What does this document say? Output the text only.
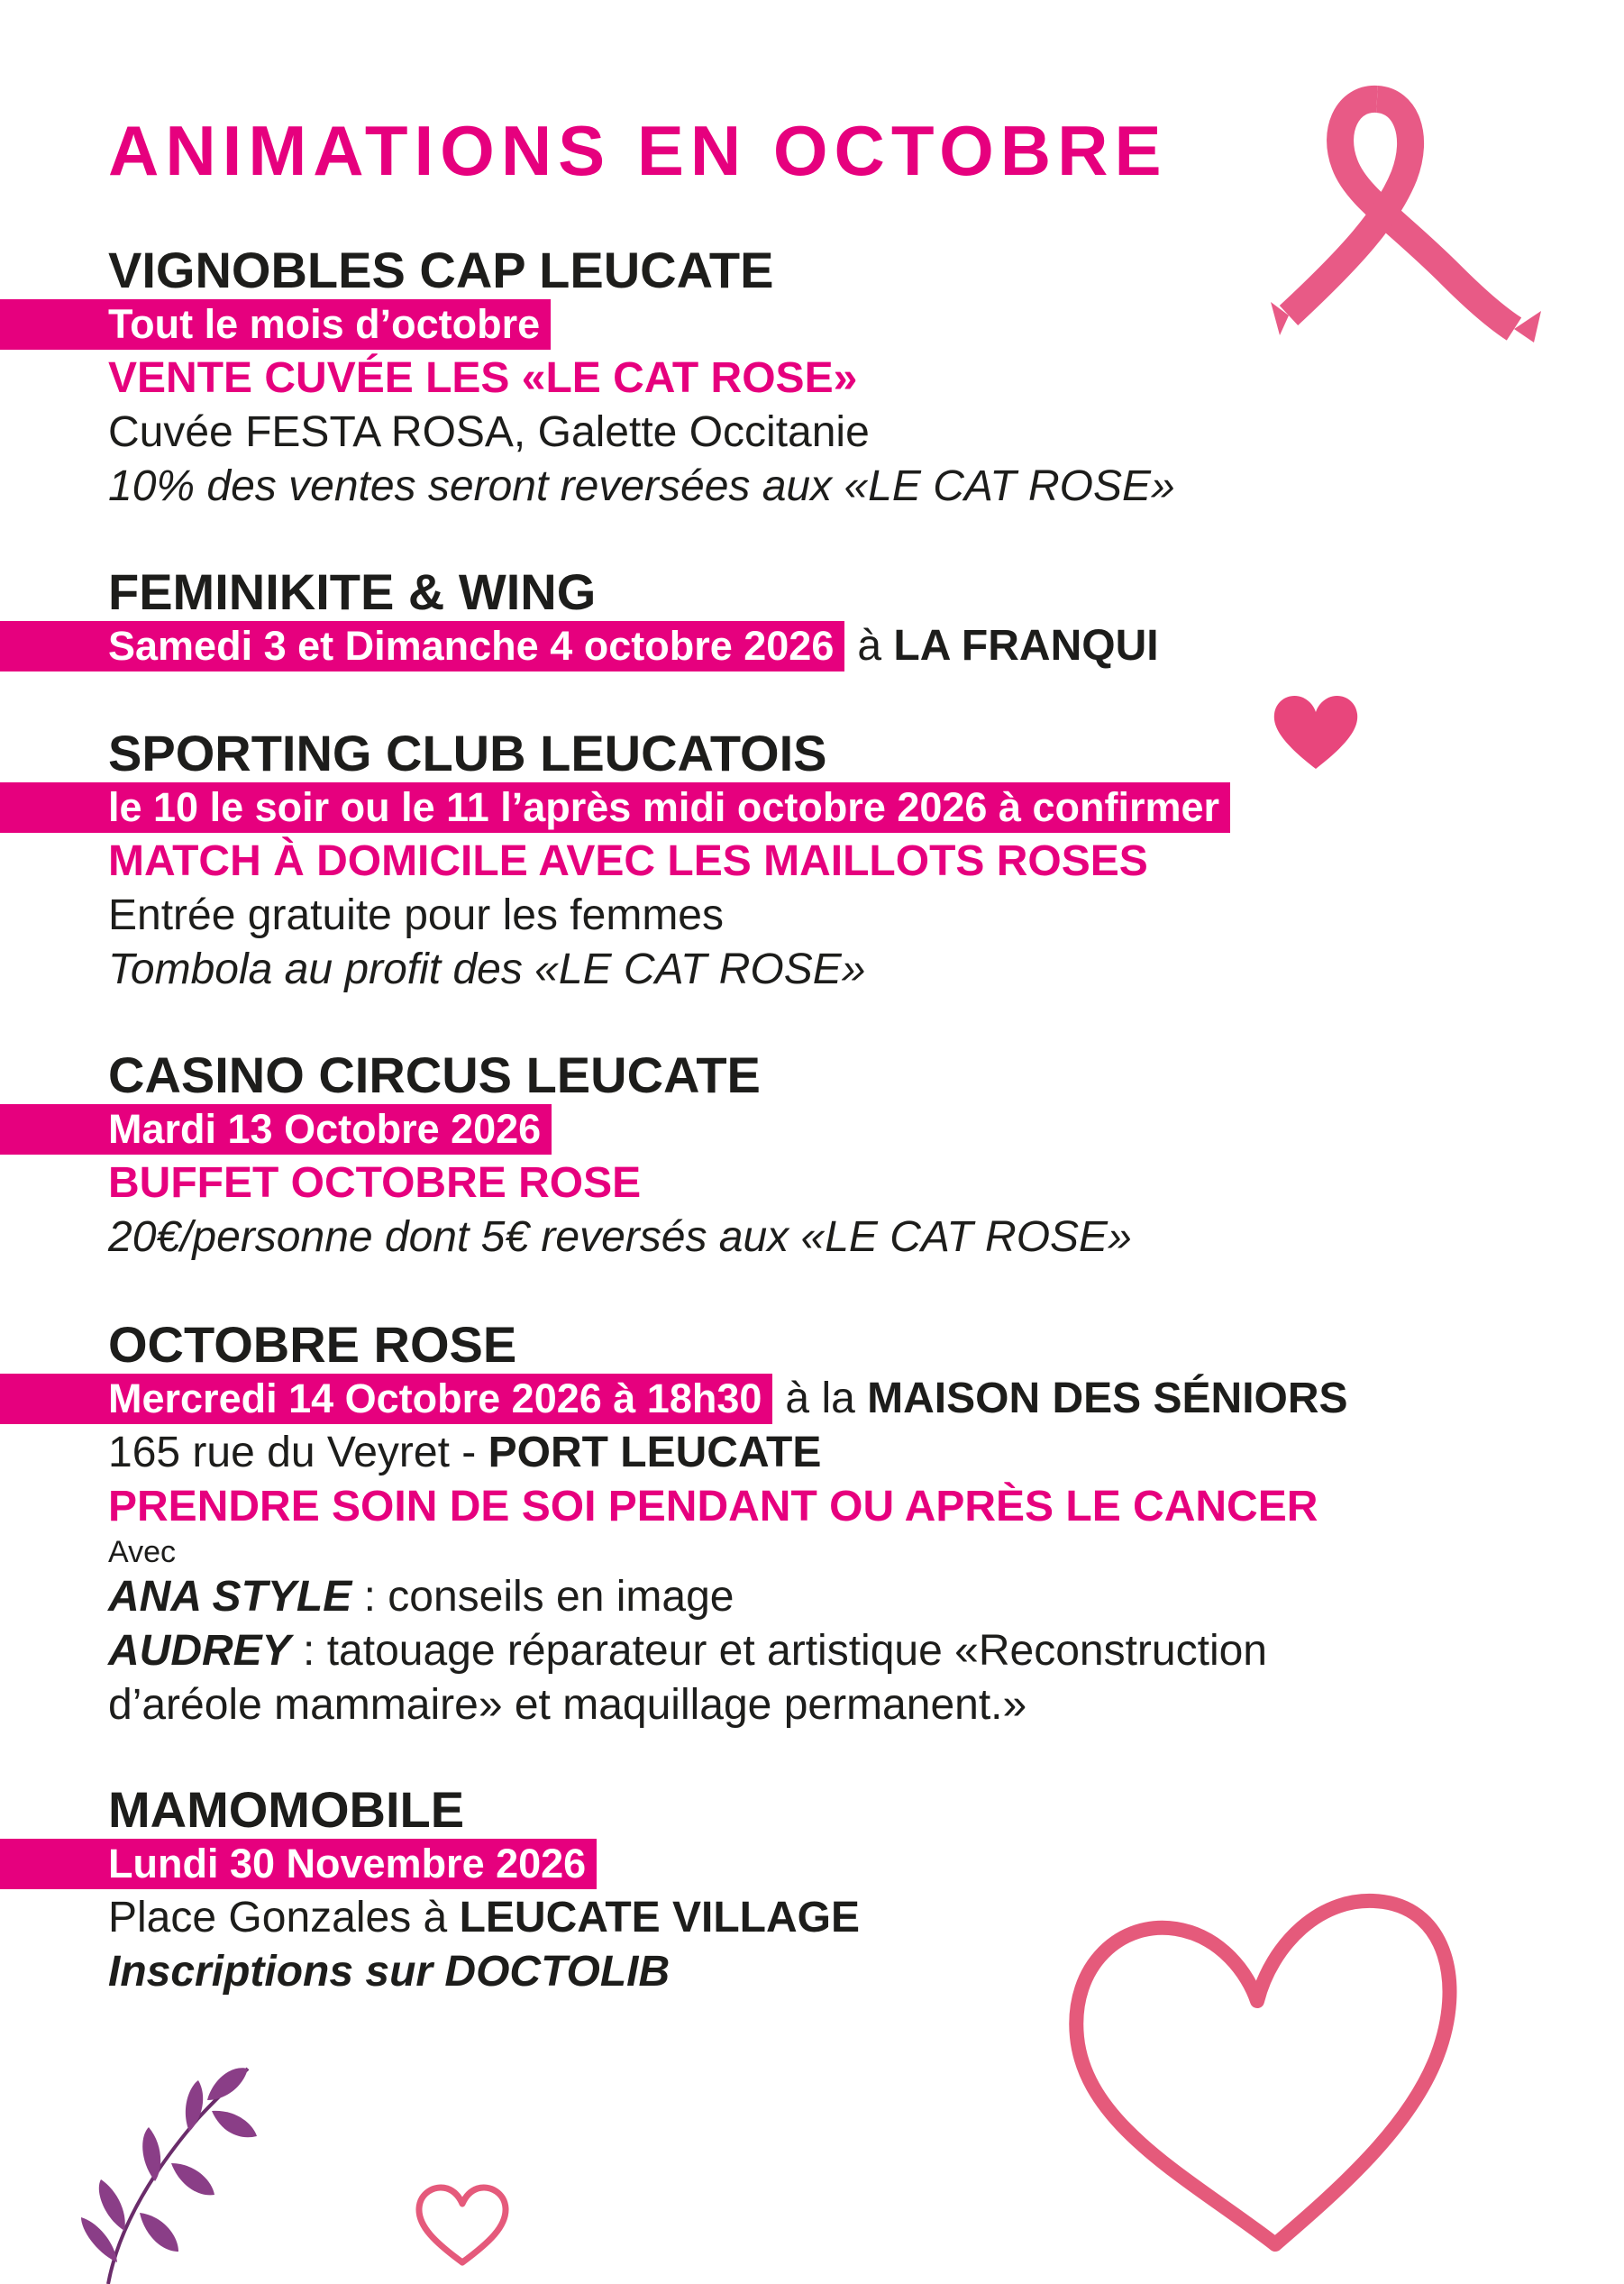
ANIMATIONS EN OCTOBRE
VIGNOBLES CAP LEUCATE
Tout le mois d’octobre
VENTE CUVÉE LES «LE CAT ROSE»
Cuvée FESTA ROSA, Galette Occitanie
10% des ventes seront reversées aux «LE CAT ROSE»
FEMINIKITE & WING
Samedi 3 et Dimanche 4 octobre 2026 à LA FRANQUI
SPORTING CLUB LEUCATOIS
le 10 le soir ou le 11 l’après midi octobre 2026 à confirmer
MATCH À DOMICILE AVEC LES MAILLOTS ROSES
Entrée gratuite pour les femmes
Tombola au profit des «LE CAT ROSE»
CASINO CIRCUS LEUCATE
Mardi 13 Octobre 2026
BUFFET OCTOBRE ROSE
20€/personne dont 5€ reversés aux «LE CAT ROSE»
OCTOBRE ROSE
Mercredi 14 Octobre 2026 à 18h30 à la MAISON DES SÉNIORS
165 rue du Veyret - PORT LEUCATE
PRENDRE SOIN DE SOI PENDANT OU APRÈS LE CANCER
Avec
ANA STYLE : conseils en image
AUDREY : tatouage réparateur et artistique «Reconstruction
d’aréole mammaire» et maquillage permanent.»
MAMOMOBILE
Lundi 30 Novembre 2026
Place Gonzales à LEUCATE VILLAGE
Inscriptions sur DOCTOLIB
